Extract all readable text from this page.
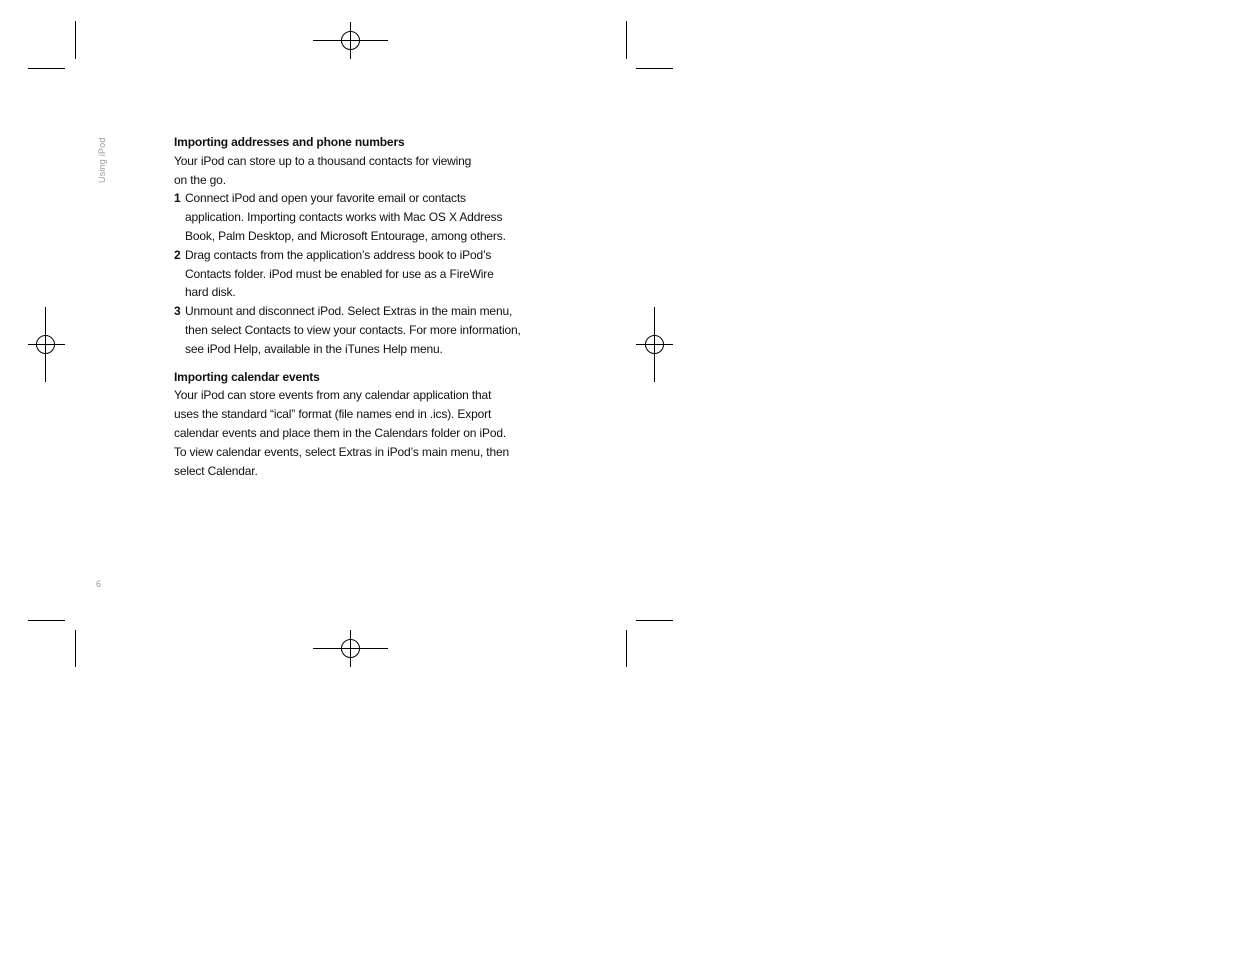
Using iPod
6
Importing addresses and phone numbers

Your iPod can store up to a thousand contacts for viewing
on the go.

1 Connect iPod and open your favorite email or contacts
application. Importing contacts works with Mac OS X Address
Book, Palm Desktop, and Microsoft Entourage, among others.
2 Drag contacts from the application’s address book to iPod’s
Contacts folder. iPod must be enabled for use as a FireWire
hard disk.
3 Unmount and disconnect iPod. Select Extras in the main menu,
then select Contacts to view your contacts. For more information,
see iPod Help, available in the iTunes Help menu.
Importing calendar events

Your iPod can store events from any calendar application that
uses the standard “ical” format (file names end in .ics). Export
calendar events and place them in the Calendars folder on iPod.
To view calendar events, select Extras in iPod’s main menu, then
select Calendar.
